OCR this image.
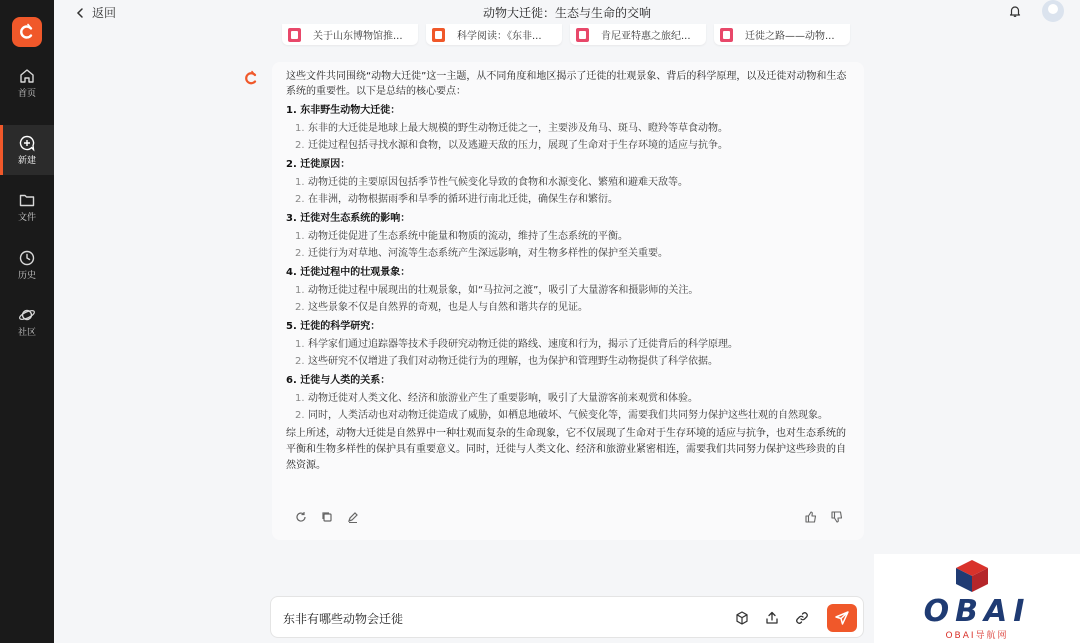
首页
新建
文件
历史
社区
返回	动物大迁徙：生态与生命的交响
关于山东博物馆推...	科学阅读：《东非...	肯尼亚特惠之旅纪...	迁徙之路——动物...
这些文件共同围绕“动物大迁徙”这一主题，从不同角度和地区揭示了迁徙的壮观景象、背后的科学原理，以及迁徙对动物和生态系统的重要性。以下是总结的核心要点：
1. 东非野生动物大迁徙：
1. 东非的大迁徙是地球上最大规模的野生动物迁徙之一，主要涉及角马、斑马、瞪羚等草食动物。
2. 迁徙过程包括寻找水源和食物，以及逃避天敌的压力，展现了生命对于生存环境的适应与抗争。
2. 迁徙原因：
1. 动物迁徙的主要原因包括季节性气候变化导致的食物和水源变化、繁殖和避难天敌等。
2. 在非洲，动物根据雨季和旱季的循环进行南北迁徙，确保生存和繁衍。
3. 迁徙对生态系统的影响：
1. 动物迁徙促进了生态系统中能量和物质的流动，维持了生态系统的平衡。
2. 迁徙行为对草地、河流等生态系统产生深远影响，对生物多样性的保护至关重要。
4. 迁徙过程中的壮观景象：
1. 动物迁徙过程中展现出的壮观景象，如“马拉河之渡”，吸引了大量游客和摄影师的关注。
2. 这些景象不仅是自然界的奇观，也是人与自然和谐共存的见证。
5. 迁徙的科学研究：
1. 科学家们通过追踪器等技术手段研究动物迁徙的路线、速度和行为，揭示了迁徙背后的科学原理。
2. 这些研究不仅增进了我们对动物迁徙行为的理解，也为保护和管理野生动物提供了科学依据。
6. 迁徙与人类的关系：
1. 动物迁徙对人类文化、经济和旅游业产生了重要影响，吸引了大量游客前来观赏和体验。
2. 同时，人类活动也对动物迁徙造成了威胁，如栖息地破坏、气候变化等，需要我们共同努力保护这些壮观的自然现象。
综上所述，动物大迁徙是自然界中一种壮观而复杂的生命现象，它不仅展现了生命对于生存环境的适应与抗争，也对生态系统的平衡和生物多样性的保护具有重要意义。同时，迁徙与人类文化、经济和旅游业紧密相连，需要我们共同努力保护这些珍贵的自然资源。
东非有哪些动物会迁徙	OBAI
OBAI导航网
